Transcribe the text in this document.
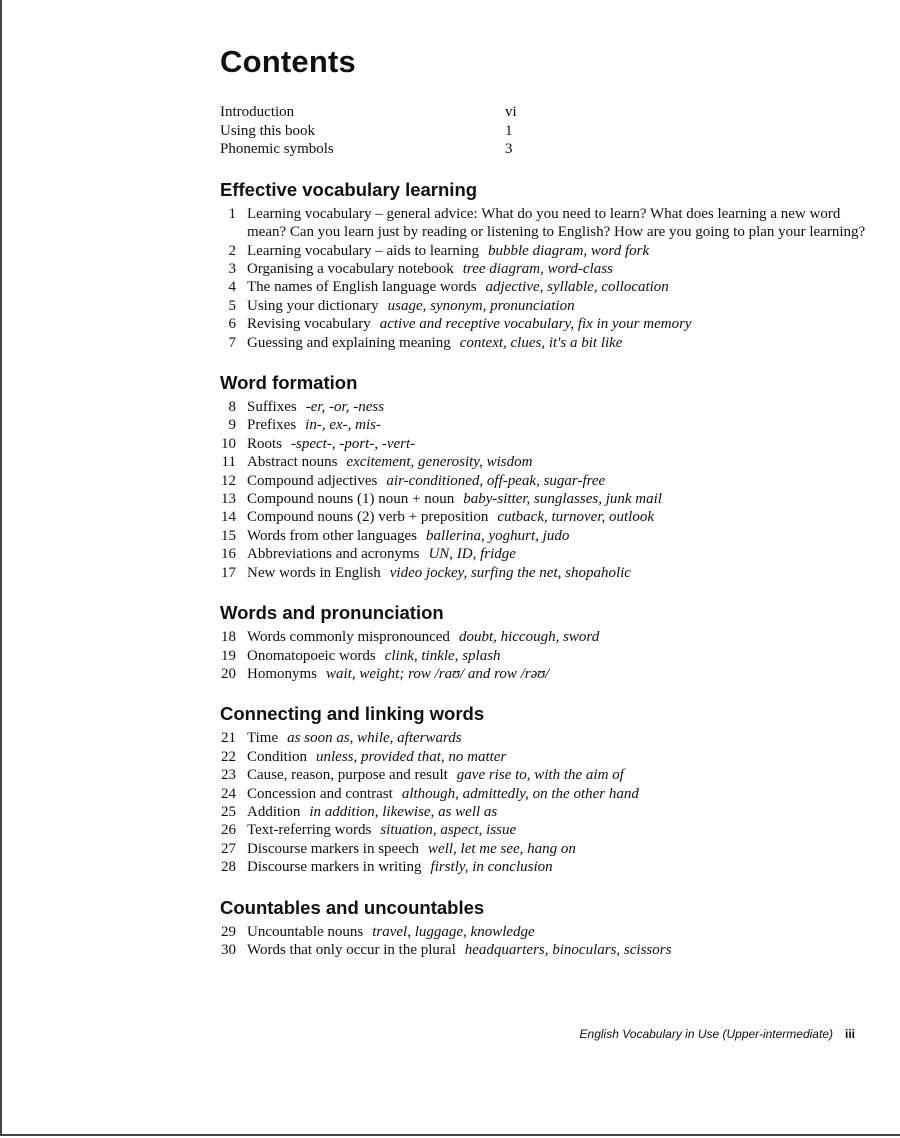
Contents
Introduction	vi
Using this book	1
Phonemic symbols	3
Effective vocabulary learning
1 Learning vocabulary – general advice: What do you need to learn? What does learning a new word mean? Can you learn just by reading or listening to English? How are you going to plan your learning?
2 Learning vocabulary – aids to learning bubble diagram, word fork
3 Organising a vocabulary notebook tree diagram, word-class
4 The names of English language words adjective, syllable, collocation
5 Using your dictionary usage, synonym, pronunciation
6 Revising vocabulary active and receptive vocabulary, fix in your memory
7 Guessing and explaining meaning context, clues, it's a bit like
Word formation
8 Suffixes -er, -or, -ness
9 Prefixes in-, ex-, mis-
10 Roots -spect-, -port-, -vert-
11 Abstract nouns excitement, generosity, wisdom
12 Compound adjectives air-conditioned, off-peak, sugar-free
13 Compound nouns (1) noun + noun baby-sitter, sunglasses, junk mail
14 Compound nouns (2) verb + preposition cutback, turnover, outlook
15 Words from other languages ballerina, yoghurt, judo
16 Abbreviations and acronyms UN, ID, fridge
17 New words in English video jockey, surfing the net, shopaholic
Words and pronunciation
18 Words commonly mispronounced doubt, hiccough, sword
19 Onomatopoeic words clink, tinkle, splash
20 Homonyms wait, weight; row /raʊ/ and row /rəʊ/
Connecting and linking words
21 Time as soon as, while, afterwards
22 Condition unless, provided that, no matter
23 Cause, reason, purpose and result gave rise to, with the aim of
24 Concession and contrast although, admittedly, on the other hand
25 Addition in addition, likewise, as well as
26 Text-referring words situation, aspect, issue
27 Discourse markers in speech well, let me see, hang on
28 Discourse markers in writing firstly, in conclusion
Countables and uncountables
29 Uncountable nouns travel, luggage, knowledge
30 Words that only occur in the plural headquarters, binoculars, scissors
English Vocabulary in Use (Upper-intermediate) iii
